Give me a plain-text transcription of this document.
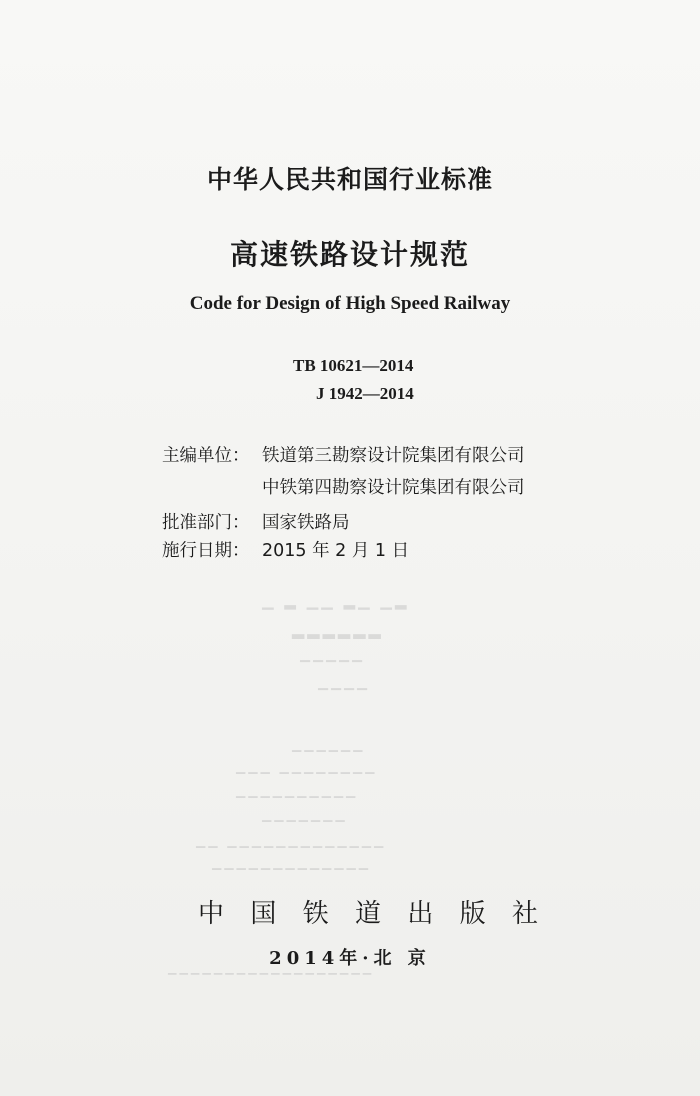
▁ ▂ ▁▁ ▂▁ ▁▂
▂▂▂▂▂▂
▁▁▁▁▁
▁▁▁▁
▁▁▁▁▁▁
▁▁▁ ▁▁▁▁▁▁▁▁
▁▁▁▁▁▁▁▁▁▁
▁▁▁▁▁▁▁
▁▁ ▁▁▁▁▁▁▁▁▁▁▁▁▁
▁▁▁▁▁▁▁▁▁▁▁▁▁
▁▁▁▁▁▁▁▁▁▁▁▁▁▁▁▁▁▁
中华人民共和国行业标准
高速铁路设计规范
Code for Design of High Speed Railway
TB 10621—2014
J 1942—2014
主编单位： 铁道第三勘察设计院集团有限公司
中铁第四勘察设计院集团有限公司
批准部门： 国家铁路局
施行日期： 2015 年 2 月 1 日
中 国 铁 道 出 版 社
2014年·北 京
